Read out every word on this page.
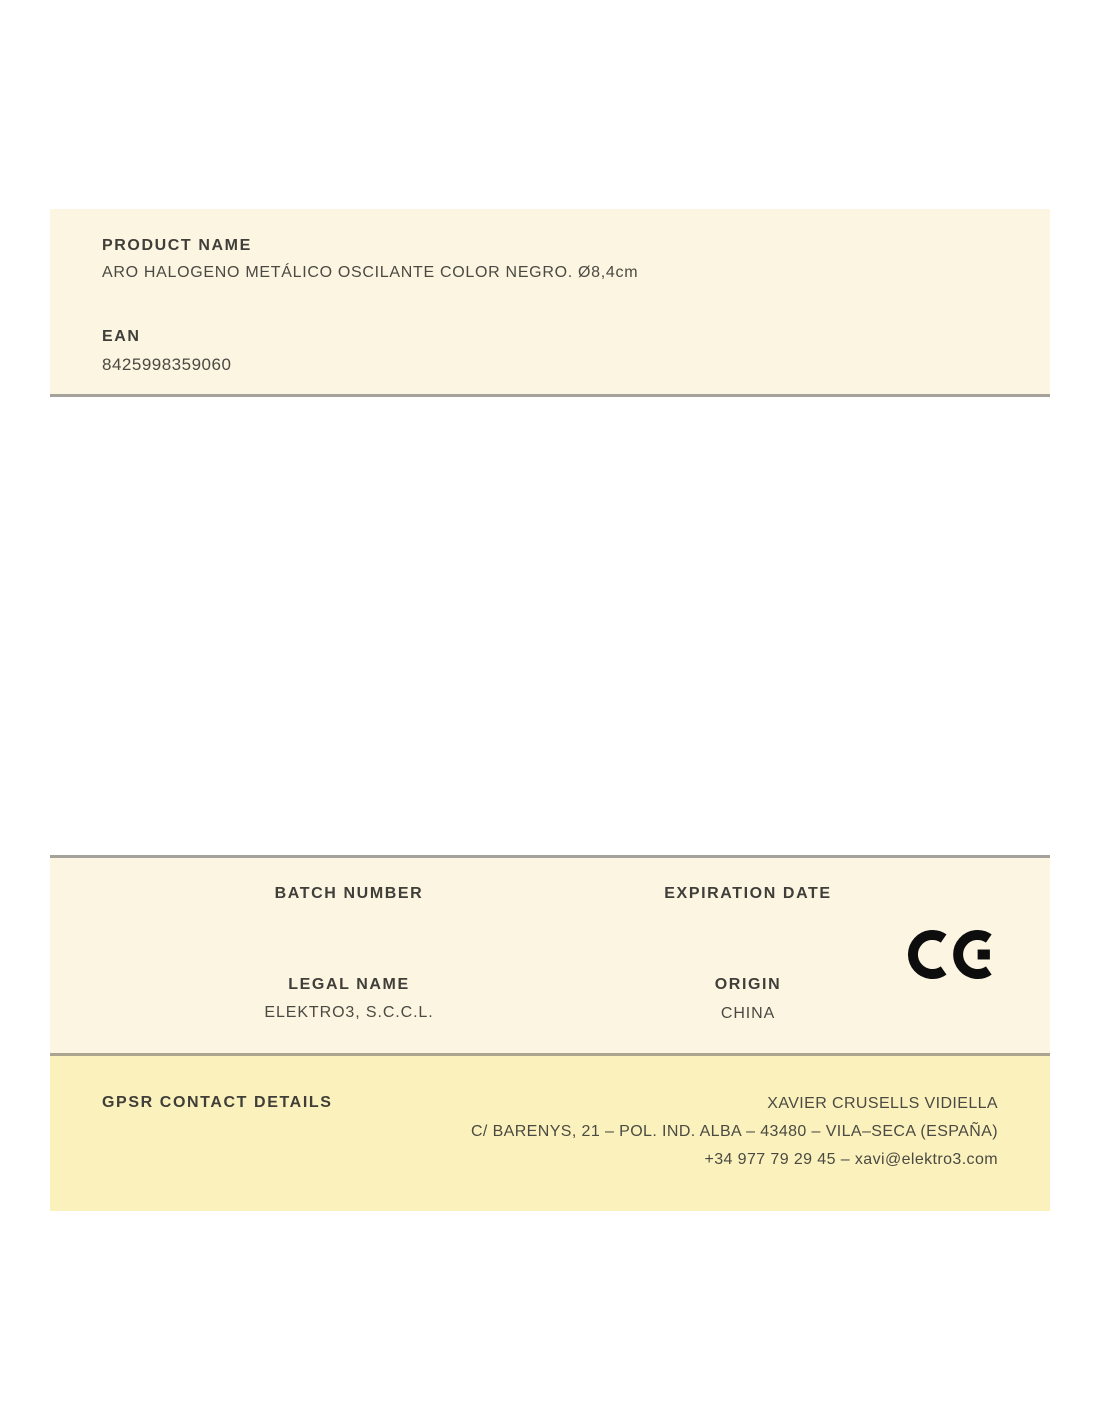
PRODUCT NAME
ARO HALOGENO METÁLICO OSCILANTE COLOR NEGRO. Ø8,4cm
EAN
8425998359060
BATCH NUMBER	EXPIRATION DATE
LEGAL NAME
ELEKTRO3, S.C.C.L.
ORIGIN
CHINA
GPSR CONTACT DETAILS	XAVIER CRUSELLS VIDIELLA
C/ BARENYS, 21 – POL. IND. ALBA – 43480 – VILA–SECA (ESPAÑA)
+34 977 79 29 45 – xavi@elektro3.com
